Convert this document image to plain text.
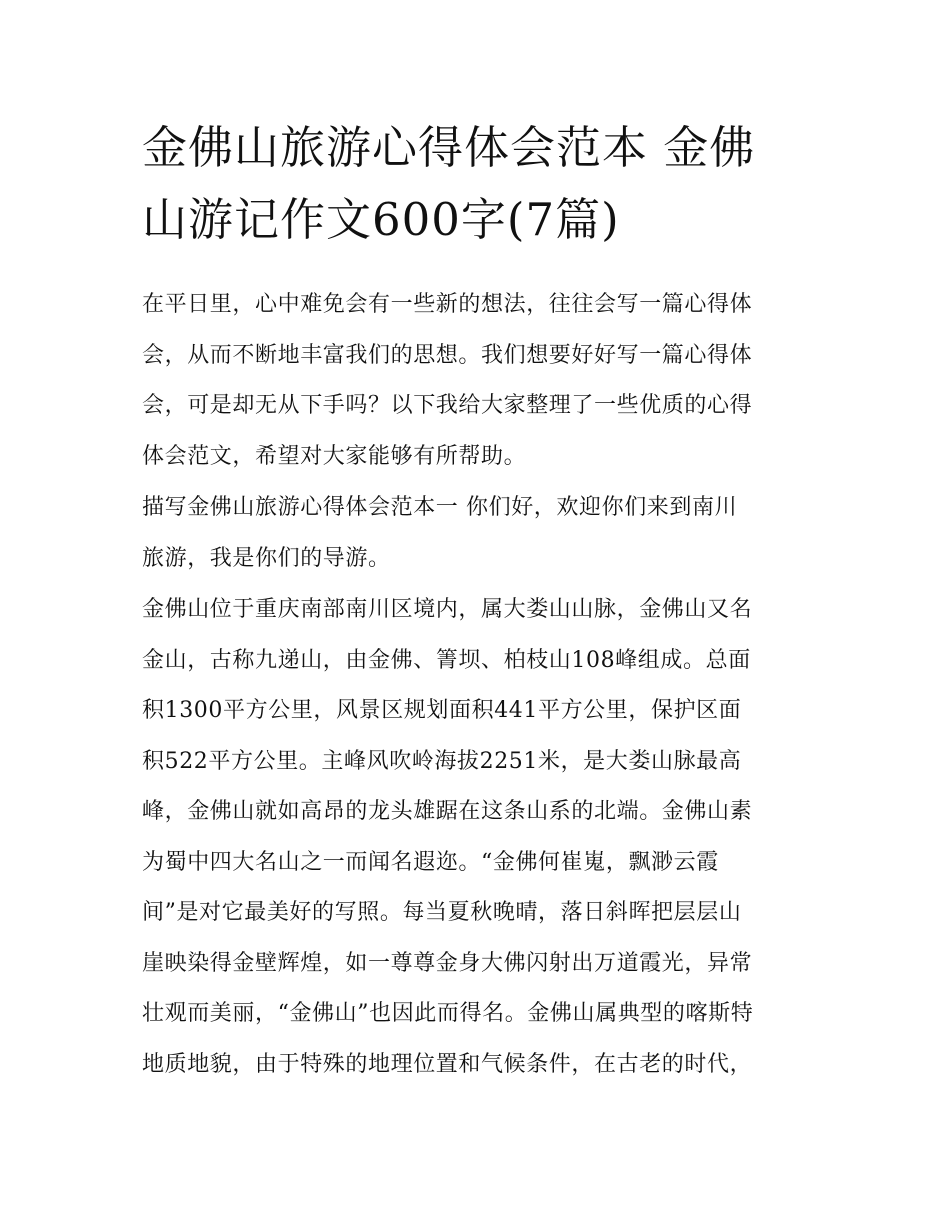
金佛山旅游心得体会范本 金佛
山游记作文600字(7篇)

在平日里，心中难免会有一些新的想法，往往会写一篇心得体
会，从而不断地丰富我们的思想。我们想要好好写一篇心得体
会，可是却无从下手吗？以下我给大家整理了一些优质的心得
体会范文，希望对大家能够有所帮助。

描写金佛山旅游心得体会范本一 你们好，欢迎你们来到南川
旅游，我是你们的导游。

金佛山位于重庆南部南川区境内，属大娄山山脉，金佛山又名
金山，古称九递山，由金佛、箐坝、柏枝山108峰组成。总面
积1300平方公里，风景区规划面积441平方公里，保护区面
积522平方公里。主峰风吹岭海拔2251米，是大娄山脉最高
峰，金佛山就如高昂的龙头雄踞在这条山系的北端。金佛山素
为蜀中四大名山之一而闻名遐迩。“金佛何崔嵬，飘渺云霞
间”是对它最美好的写照。每当夏秋晚晴，落日斜晖把层层山
崖映染得金壁辉煌，如一尊尊金身大佛闪射出万道霞光，异常
壮观而美丽，“金佛山”也因此而得名。金佛山属典型的喀斯特
地质地貌，由于特殊的地理位置和气候条件，在古老的时代，
